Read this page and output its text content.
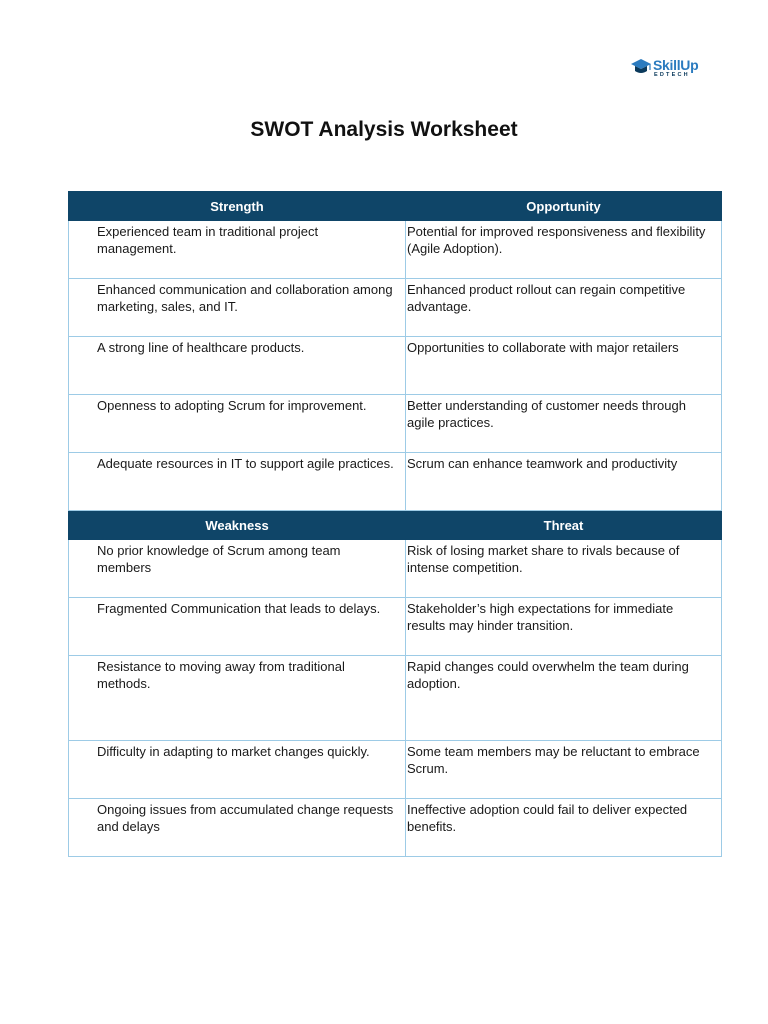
SkillUp
EDTECH
SWOT Analysis Worksheet
Strength	Opportunity
Experienced team in traditional project management.	Potential for improved responsiveness and flexibility (Agile Adoption).
Enhanced communication and collaboration among marketing, sales, and IT.	Enhanced product rollout can regain competitive advantage.
A strong line of healthcare products.	Opportunities to collaborate with major retailers
Openness to adopting Scrum for improvement.	Better understanding of customer needs through agile practices.
Adequate resources in IT to support agile practices.	Scrum can enhance teamwork and productivity
Weakness	Threat
No prior knowledge of Scrum among team members	Risk of losing market share to rivals because of intense competition.
Fragmented Communication that leads to delays.	Stakeholder’s high expectations for immediate results may hinder transition.
Resistance to moving away from traditional methods.	Rapid changes could overwhelm the team during adoption.
Difficulty in adapting to market changes quickly.	Some team members may be reluctant to embrace Scrum.
Ongoing issues from accumulated change requests and delays	Ineffective adoption could fail to deliver expected benefits.
